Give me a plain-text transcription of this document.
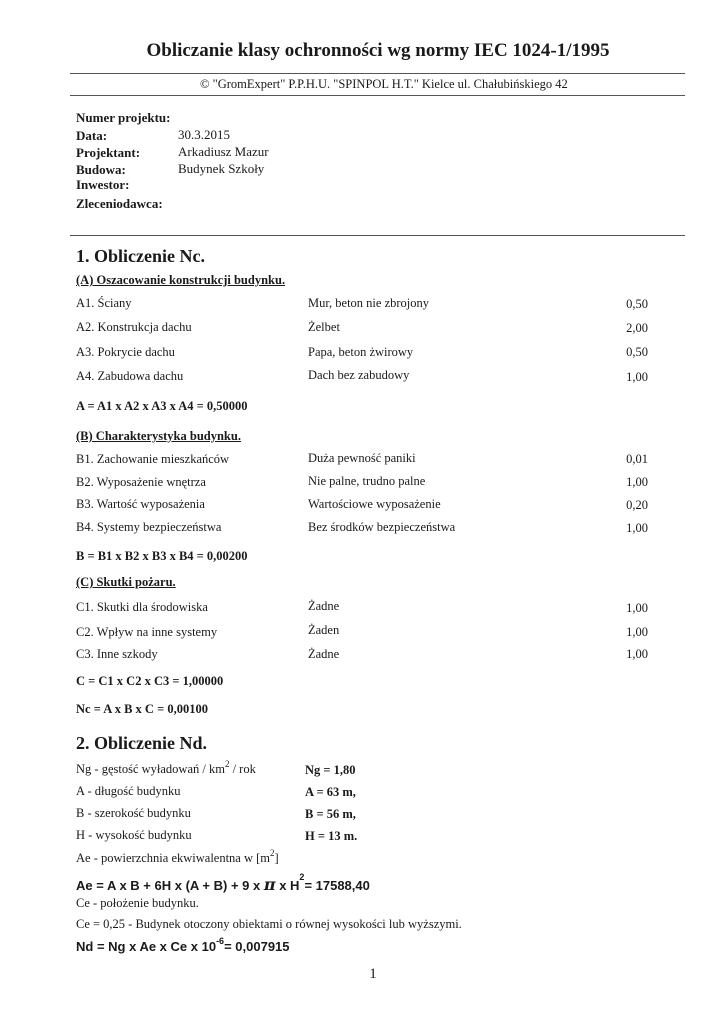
Obliczanie klasy ochronności wg normy IEC 1024-1/1995
© "GromExpert" P.P.H.U. "SPINPOL H.T." Kielce ul. Chałubińskiego 42
Numer projektu:
Data:	30.3.2015
Projektant:	Arkadiusz Mazur
Budowa:	Budynek Szkoły
Inwestor:
Zleceniodawca:
1. Obliczenie Nc.
(A) Oszacowanie konstrukcji budynku.
A1. Ściany	Mur, beton nie zbrojony	0,50
A2. Konstrukcja dachu	Żelbet	2,00
A3. Pokrycie dachu	Papa, beton żwirowy	0,50
A4. Zabudowa dachu	Dach bez zabudowy	1,00
A = A1 x A2 x A3 x A4 = 0,50000
(B) Charakterystyka budynku.
B1. Zachowanie mieszkańców	Duża pewność paniki	0,01
B2. Wyposażenie wnętrza	Nie palne, trudno palne	1,00
B3. Wartość wyposażenia	Wartościowe wyposażenie	0,20
B4. Systemy bezpieczeństwa	Bez środków bezpieczeństwa	1,00
B = B1 x B2 x B3 x B4 = 0,00200
(C) Skutki pożaru.
C1. Skutki dla środowiska	Żadne	1,00
C2. Wpływ na inne systemy	Żaden	1,00
C3. Inne szkody	Żadne	1,00
C = C1 x C2 x C3 = 1,00000
Nc = A x B x C = 0,00100
2. Obliczenie Nd.
Ng - gęstość wyładowań / $km^2$ / rok	Ng = 1,80
A - długość budynku	A = 63 m,
B - szerokość budynku	B = 56 m,
H - wysokość budynku	H = 13 m.
Ae - powierzchnia ekwiwalentna w $[m^2]$
Ae = A x B + 6H x (A + B) + 9 x π x $H^2= 17588,40$
Ce - położenie budynku.
Ce = 0,25 - Budynek otoczony obiektami o równej wysokości lub wyższymi.
Nd = Ng x Ae x Ce x $10^{-6}= 0,007915$
1
